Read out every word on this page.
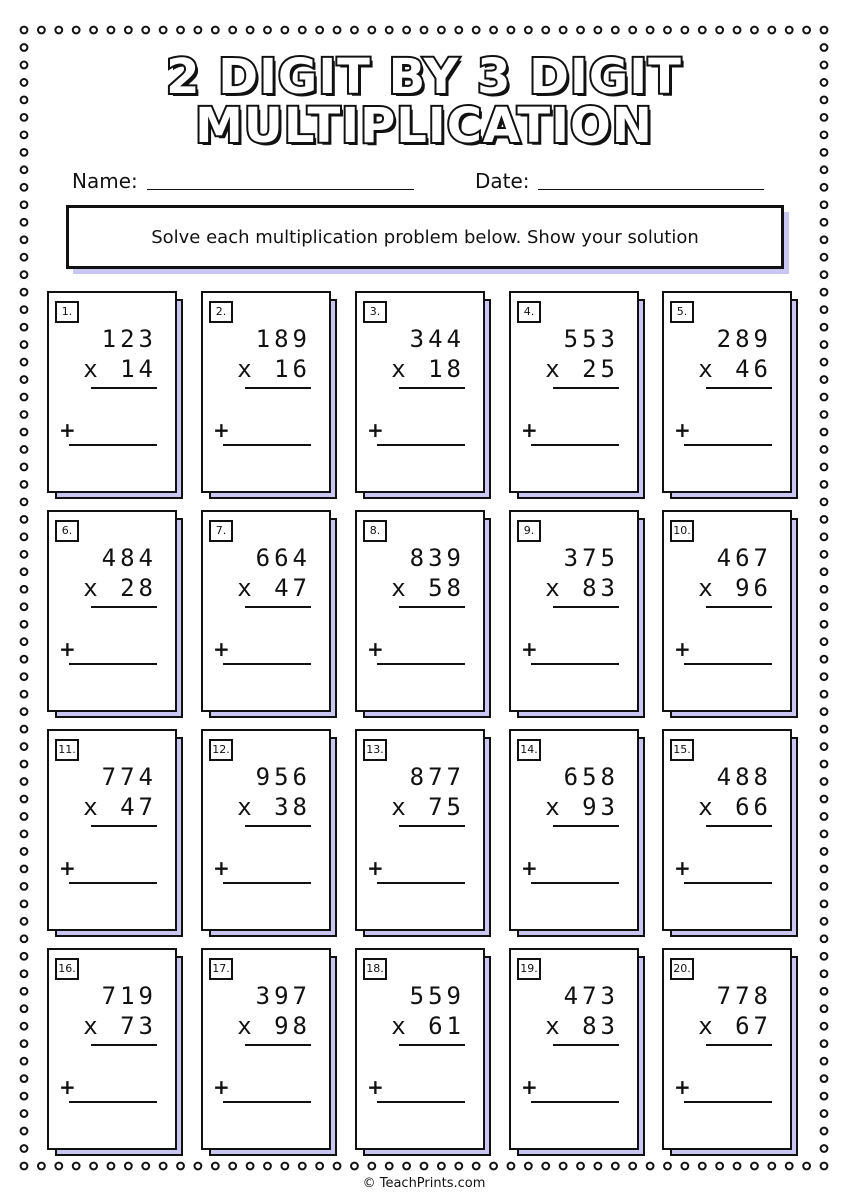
2 DIGIT BY 3 DIGIT
MULTIPLICATION
Name:	Date:
Solve each multiplication problem below. Show your solution
1.
123
x 14
+
2.
189
x 16
+
3.
344
x 18
+
4.
553
x 25
+
5.
289
x 46
+
6.
484
x 28
+
7.
664
x 47
+
8.
839
x 58
+
9.
375
x 83
+
10.
467
x 96
+
11.
774
x 47
+
12.
956
x 38
+
13.
877
x 75
+
14.
658
x 93
+
15.
488
x 66
+
16.
719
x 73
+
17.
397
x 98
+
18.
559
x 61
+
19.
473
x 83
+
20.
778
x 67
+
© TeachPrints.com
